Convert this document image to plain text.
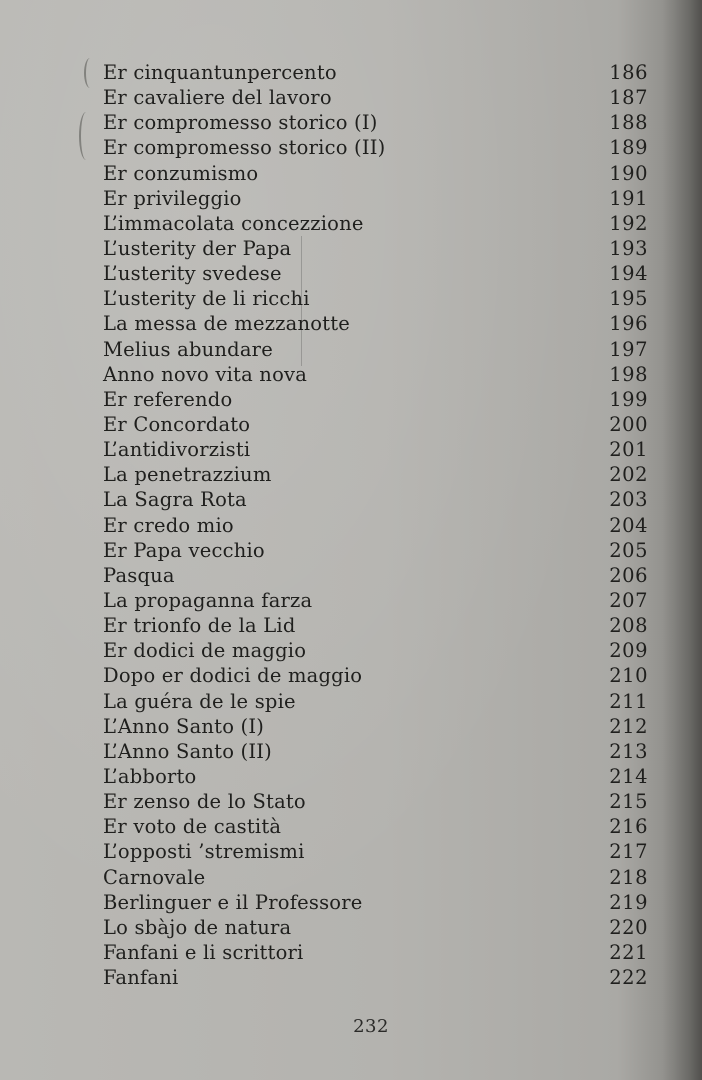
Er cinquantunpercento	186
Er cavaliere del lavoro	187
Er compromesso storico (I)	188
Er compromesso storico (II)	189
Er conzumismo	190
Er privileggio	191
L’immacolata concezzione	192
L’usterity der Papa	193
L’usterity svedese	194
L’usterity de li ricchi	195
La messa de mezzanotte	196
Melius abundare	197
Anno novo vita nova	198
Er referendo	199
Er Concordato	200
L’antidivorzisti	201
La penetrazzium	202
La Sagra Rota	203
Er credo mio	204
Er Papa vecchio	205
Pasqua	206
La propaganna farza	207
Er trionfo de la Lid	208
Er dodici de maggio	209
Dopo er dodici de maggio	210
La guéra de le spie	211
L’Anno Santo (I)	212
L’Anno Santo (II)	213
L’abborto	214
Er zenso de lo Stato	215
Er voto de castità	216
L’opposti ’stremismi	217
Carnovale	218
Berlinguer e il Professore	219
Lo sbàjo de natura	220
Fanfani e li scrittori	221
Fanfani	222
232
